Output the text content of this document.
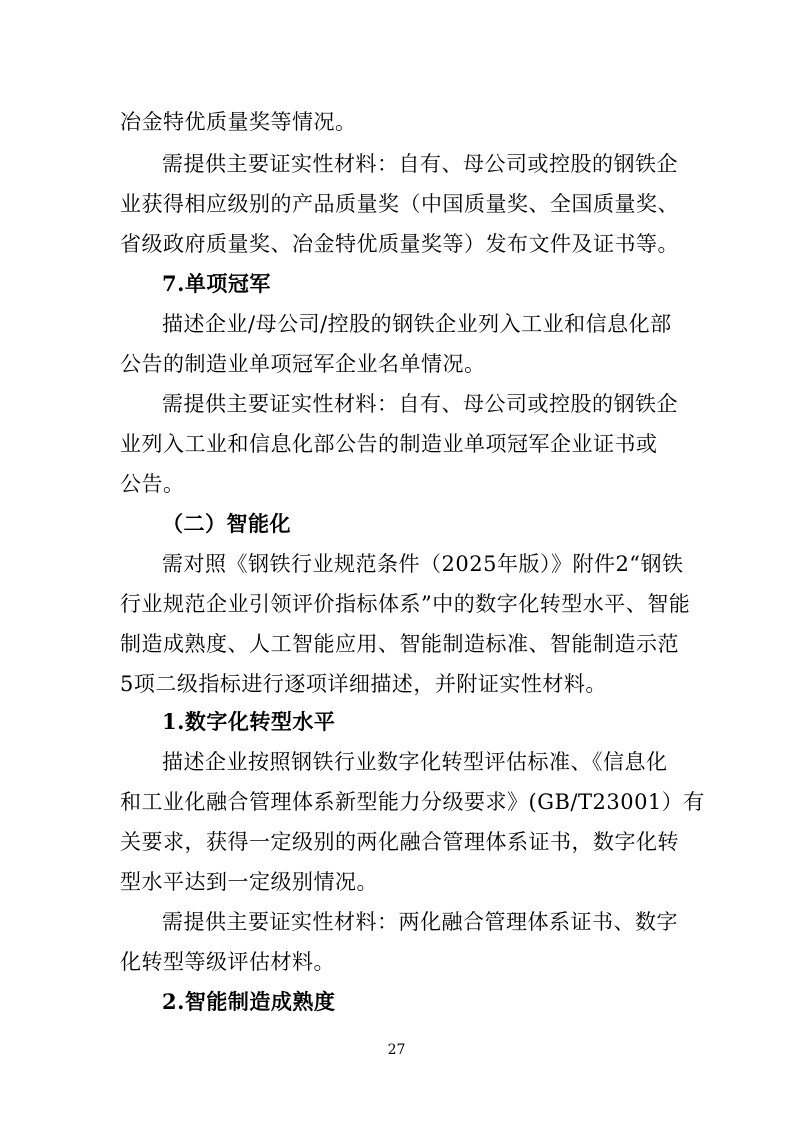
冶金特优质量奖等情况。
需提供主要证实性材料：自有、母公司或控股的钢铁企
业获得相应级别的产品质量奖（中国质量奖、全国质量奖、
省级政府质量奖、冶金特优质量奖等）发布文件及证书等。
7.单项冠军
描述企业/母公司/控股的钢铁企业列入工业和信息化部
公告的制造业单项冠军企业名单情况。
需提供主要证实性材料：自有、母公司或控股的钢铁企
业列入工业和信息化部公告的制造业单项冠军企业证书或
公告。
（二）智能化
需对照《钢铁行业规范条件（2025年版）》附件2“钢铁
行业规范企业引领评价指标体系”中的数字化转型水平、智能
制造成熟度、人工智能应用、智能制造标准、智能制造示范
5项二级指标进行逐项详细描述，并附证实性材料。
1.数字化转型水平
描述企业按照钢铁行业数字化转型评估标准、《信息化
和工业化融合管理体系新型能力分级要求》(GB/T23001）有
关要求，获得一定级别的两化融合管理体系证书，数字化转
型水平达到一定级别情况。
需提供主要证实性材料：两化融合管理体系证书、数字
化转型等级评估材料。
2.智能制造成熟度
27
